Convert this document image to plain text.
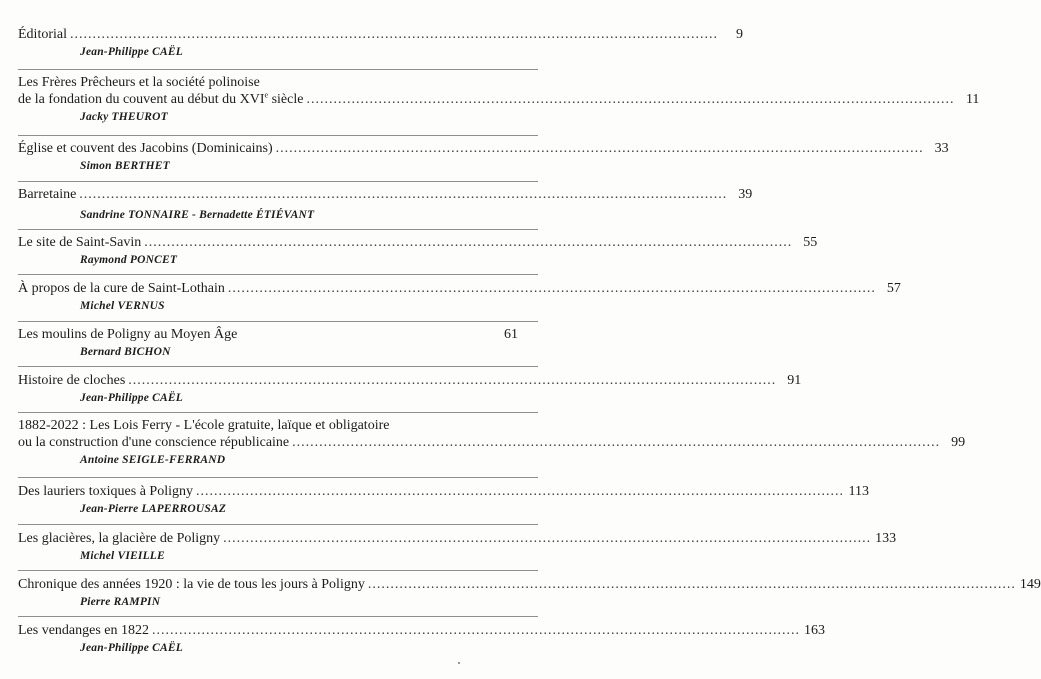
Éditorial ................................................................................................................................................	9
Jean-Philippe CAËL
Les Frères Prêcheurs et la société polinoise
de la fondation du couvent au début du XVIe siècle ................................................................................................................................................ 11
Jacky THEUROT
Église et couvent des Jacobins (Dominicains) ................................................................................................................................................ 33
Simon BERTHET
Barretaine ................................................................................................................................................ 39
Sandrine TONNAIRE - Bernadette ÉTIÉVANT
Le site de Saint-Savin ................................................................................................................................................ 55
Raymond PONCET
À propos de la cure de Saint-Lothain ................................................................................................................................................ 57
Michel VERNUS
Les moulins de Poligny au Moyen Âge	61
Bernard BICHON
Histoire de cloches ................................................................................................................................................ 91
Jean-Philippe CAËL
1882-2022 : Les Lois Ferry - L'école gratuite, laïque et obligatoire
ou la construction d'une conscience républicaine ................................................................................................................................................ 99
Antoine SEIGLE-FERRAND
Des lauriers toxiques à Poligny ................................................................................................................................................ 113
Jean-Pierre LAPERROUSAZ
Les glacières, la glacière de Poligny ................................................................................................................................................ 133
Michel VIEILLE
Chronique des années 1920 : la vie de tous les jours à Poligny ................................................................................................................................................ 149
Pierre RAMPIN
Les vendanges en 1822 ................................................................................................................................................ 163
Jean-Philippe CAËL
